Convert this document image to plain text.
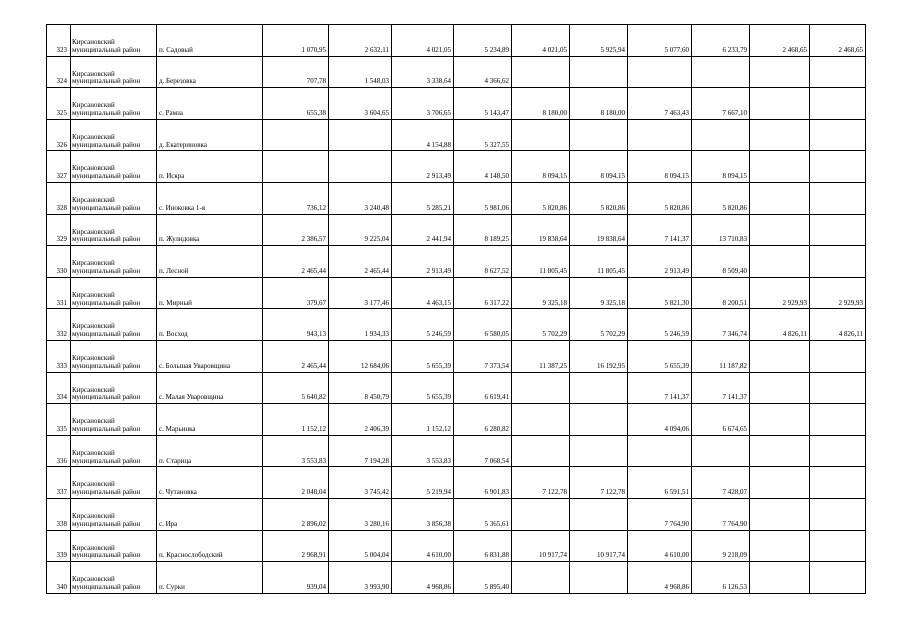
323	Кирсановский муниципальный район	п. Садовый	1 070,95	2 632,11	4 021,05	5 234,89	4 021,05	5 925,94	5 077,60	6 233,79	2 468,65	2 468,65
324	Кирсановский муниципальный район	д. Березовка	707,78	1 548,03	3 338,64	4 366,62						
325	Кирсановский муниципальный район	с. Рамза	655,38	3 604,65	3 706,65	5 143,47	8 180,00	8 180,00	7 463,43	7 667,10		
326	Кирсановский муниципальный район	д. Екатериновка			4 154,88	5 327,55						
327	Кирсановский муниципальный район	п. Искра			2 913,49	4 148,50	8 094,15	8 094,15	8 094,15	8 094,15		
328	Кирсановский муниципальный район	с. Иноковка 1-я	736,12	3 240,48	5 285,21	5 981,06	5 820,86	5 820,86	5 820,86	5 820,86		
329	Кирсановский муниципальный район	п. Жулидовка	2 386,57	9 225,04	2 441,94	8 189,25	19 838,64	19 838,64	7 141,37	13 710,83		
330	Кирсановский муниципальный район	п. Лесной	2 465,44	2 465,44	2 913,49	8 627,52	11 805,45	11 805,45	2 913,49	8 509,40		
331	Кирсановский муниципальный район	п. Мирный	379,67	3 177,46	4 463,15	6 317,22	9 325,18	9 325,18	5 821,30	8 200,51	2 929,93	2 929,93
332	Кирсановский муниципальный район	п. Восход	943,13	1 934,33	5 246,59	6 580,05	5 702,29	5 702,29	5 246,59	7 346,74	4 826,11	4 826,11
333	Кирсановский муниципальный район	с. Большая Уваровщина	2 465,44	12 684,06	5 655,39	7 373,54	11 387,25	16 192,95	5 655,39	11 187,82		
334	Кирсановский муниципальный район	с. Малая Уваровщина	5 640,82	8 450,79	5 655,39	6 619,41			7 141,37	7 141,37		
335	Кирсановский муниципальный район	с. Марьинка	1 152,12	2 406,39	1 152,12	6 280,82			4 094,06	6 674,65		
336	Кирсановский муниципальный район	п. Старица	3 553,83	7 194,28	3 553,83	7 068,54						
337	Кирсановский муниципальный район	с. Чутановка	2 048,04	3 745,42	5 219,94	6 901,83	7 122,78	7 122,78	6 591,51	7 428,07		
338	Кирсановский муниципальный район	с. Ира	2 896,02	3 280,16	3 856,38	5 365,61			7 764,90	7 764,90		
339	Кирсановский муниципальный район	п. Краснослободский	2 968,91	5 004,04	4 610,00	6 831,88	10 917,74	10 917,74	4 610,00	9 218,09		
340	Кирсановский муниципальный район	п. Сурки	939,04	3 993,90	4 968,86	5 895,40			4 968,86	6 126,53		
